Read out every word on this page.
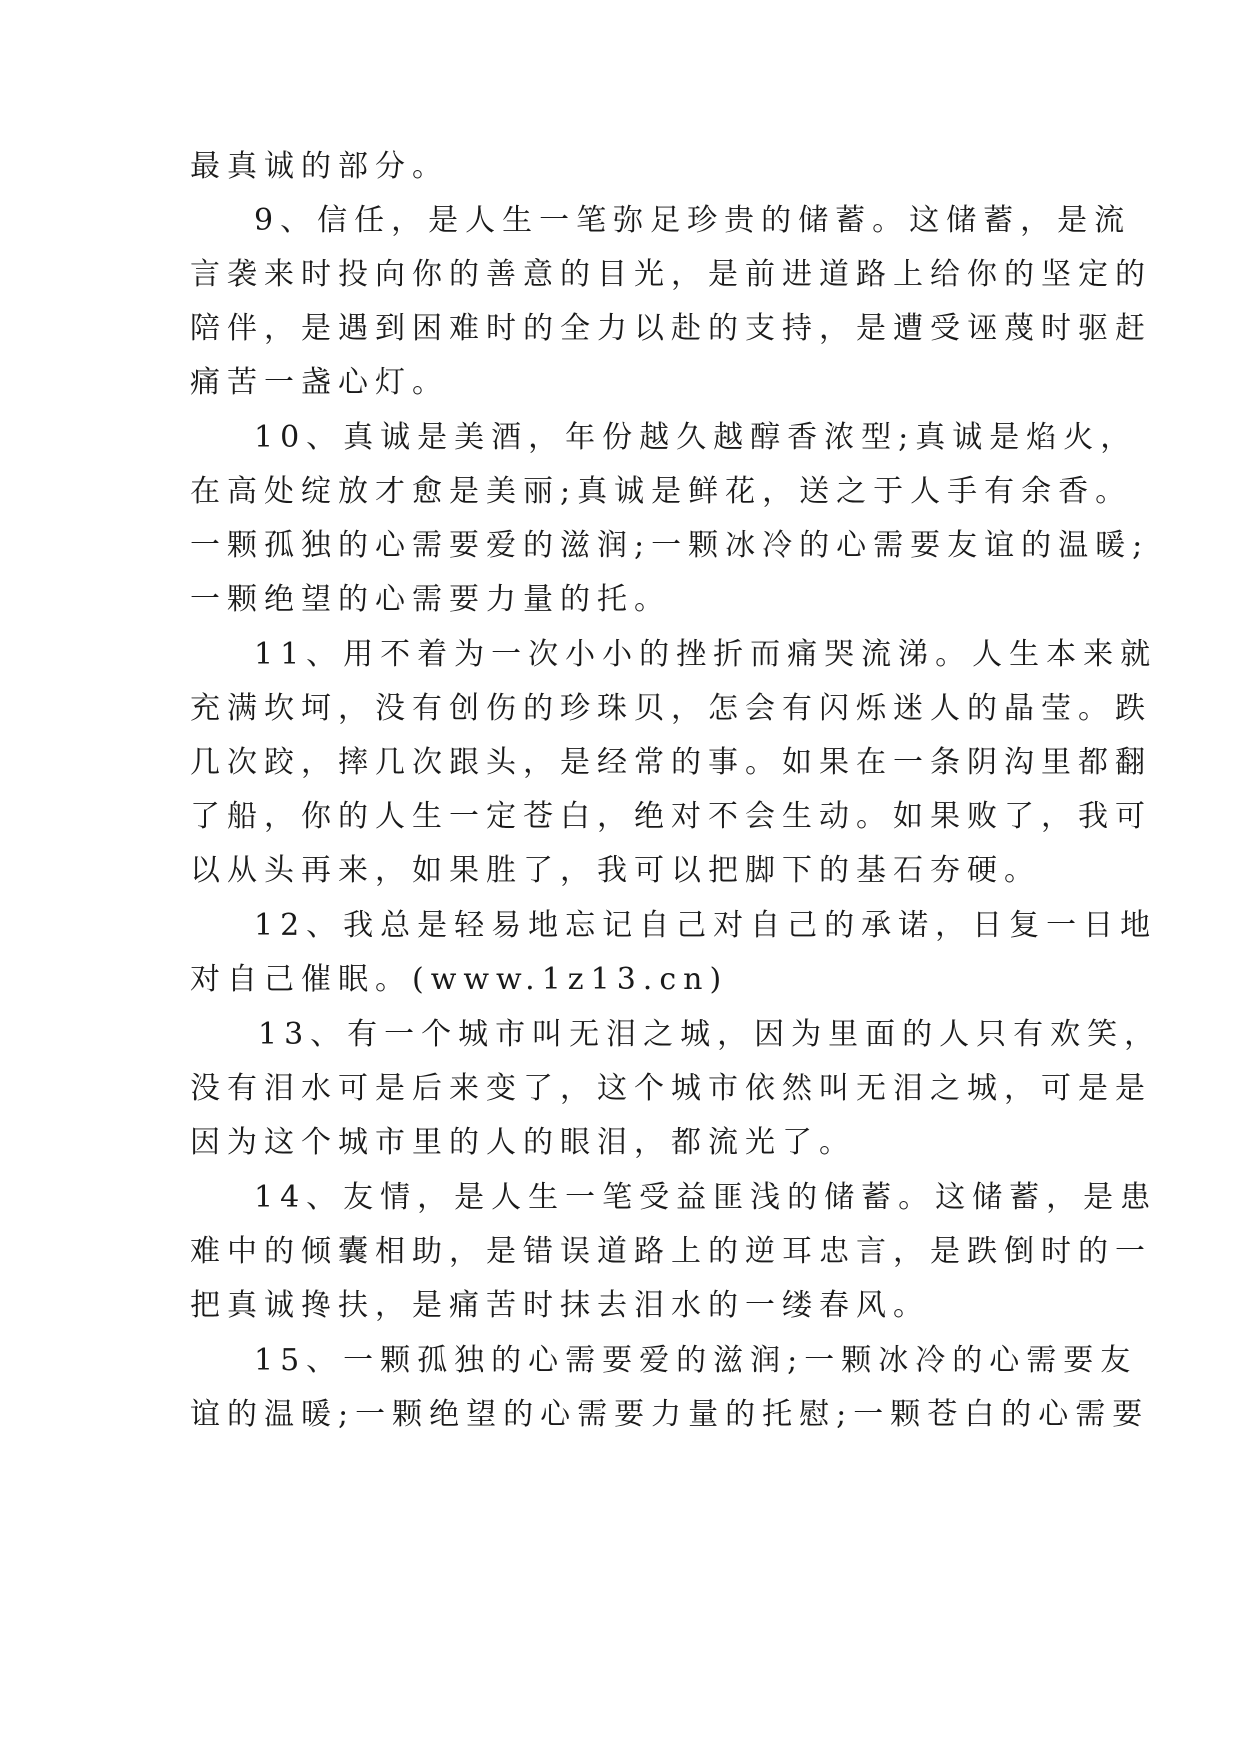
最真诚的部分。

9、信任，是人生一笔弥足珍贵的储蓄。这储蓄，是流

言袭来时投向你的善意的目光，是前进道路上给你的坚定的

陪伴，是遇到困难时的全力以赴的支持，是遭受诬蔑时驱赶

痛苦一盏心灯。

10、真诚是美酒，年份越久越醇香浓型;真诚是焰火，

在高处绽放才愈是美丽;真诚是鲜花，送之于人手有余香。

一颗孤独的心需要爱的滋润;一颗冰冷的心需要友谊的温暖;

一颗绝望的心需要力量的托。

11、用不着为一次小小的挫折而痛哭流涕。人生本来就

充满坎坷，没有创伤的珍珠贝，怎会有闪烁迷人的晶莹。跌

几次跤，摔几次跟头，是经常的事。如果在一条阴沟里都翻

了船，你的人生一定苍白，绝对不会生动。如果败了，我可

以从头再来，如果胜了，我可以把脚下的基石夯硬。

12、我总是轻易地忘记自己对自己的承诺，日复一日地

对自己催眠。(www.1z13.cn)

13、有一个城市叫无泪之城，因为里面的人只有欢笑，

没有泪水可是后来变了，这个城市依然叫无泪之城，可是是

因为这个城市里的人的眼泪，都流光了。

14、友情，是人生一笔受益匪浅的储蓄。这储蓄，是患

难中的倾囊相助，是错误道路上的逆耳忠言，是跌倒时的一

把真诚搀扶，是痛苦时抹去泪水的一缕春风。

15、一颗孤独的心需要爱的滋润;一颗冰冷的心需要友

谊的温暖;一颗绝望的心需要力量的托慰;一颗苍白的心需要
